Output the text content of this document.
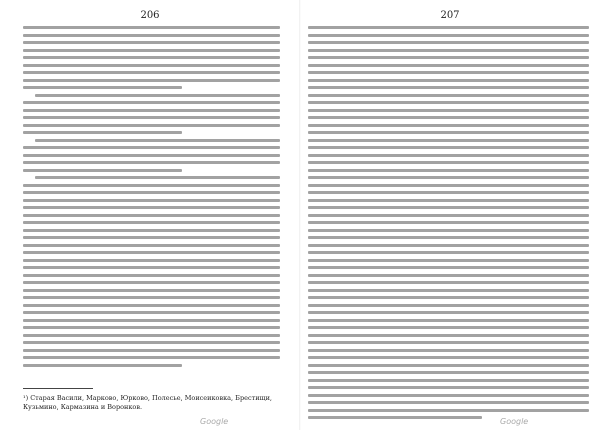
206
¹) Старая Васили, Марково, Юрково, Полесье, Моисеиковка, Брестищи, Кузьмино, Кармазина и Воронков.
Google
207
Google
